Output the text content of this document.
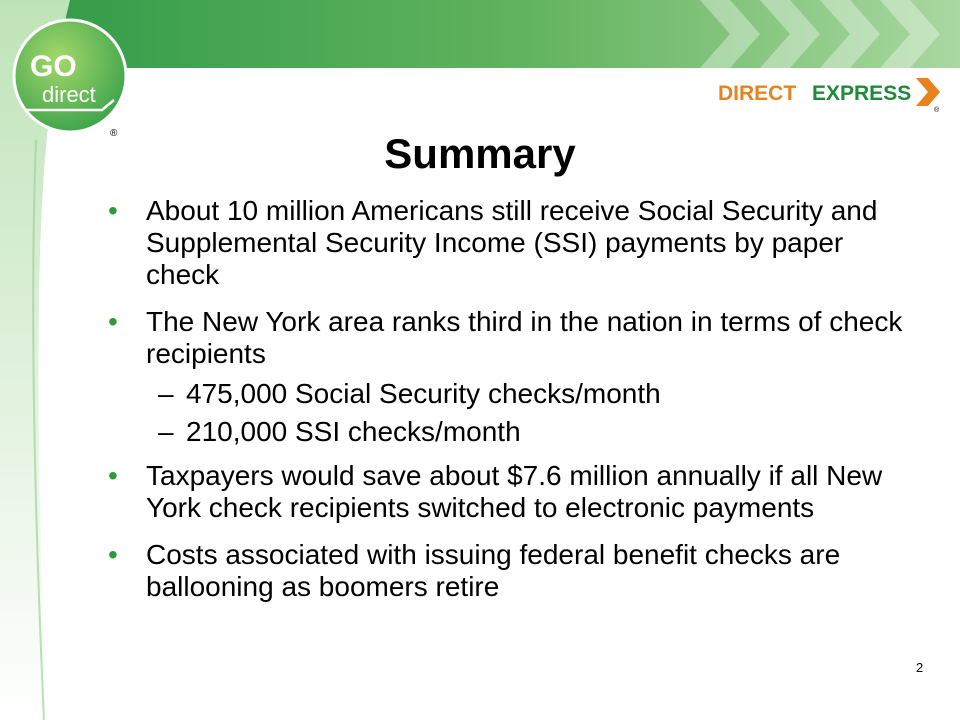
GO
direct
®
DIRECT EXPRESS
®
Summary
• About 10 million Americans still receive Social Security and Supplemental Security Income (SSI) payments by paper check
• The New York area ranks third in the nation in terms of check recipients
– 475,000 Social Security checks/month
– 210,000 SSI checks/month
• Taxpayers would save about $7.6 million annually if all New York check recipients switched to electronic payments
• Costs associated with issuing federal benefit checks are ballooning as boomers retire
2
